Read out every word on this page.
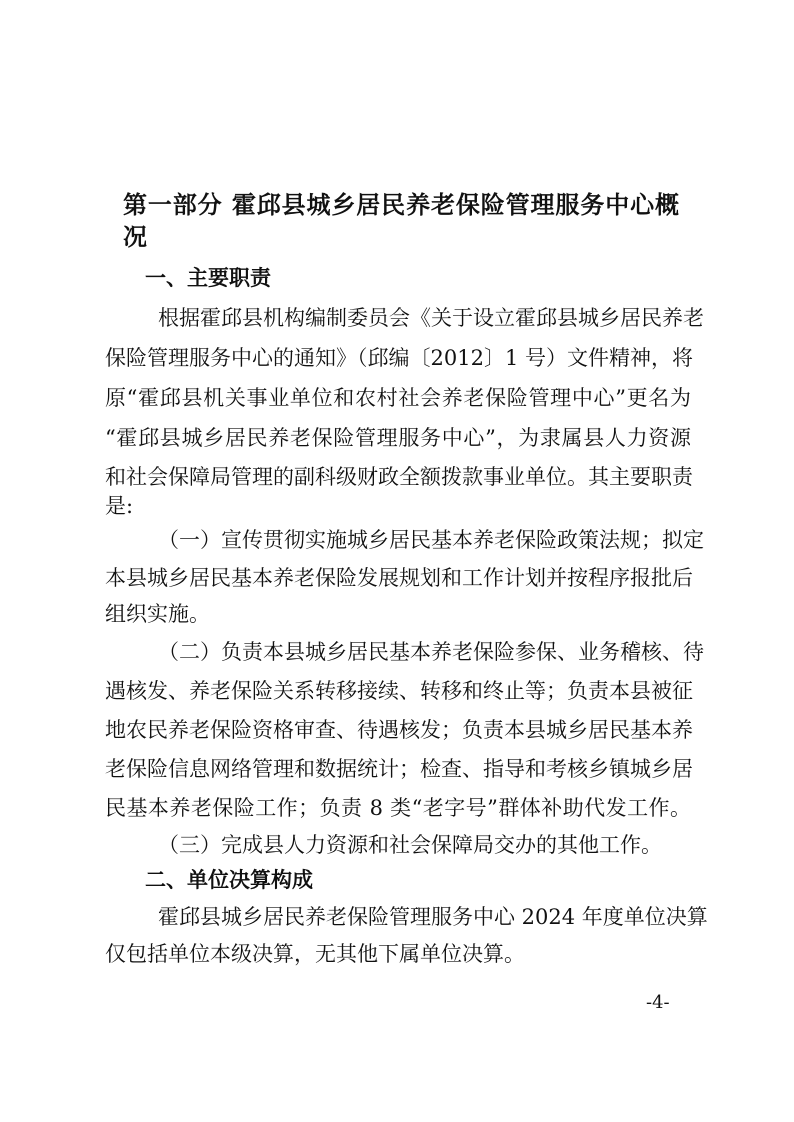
第一部分 霍邱县城乡居民养老保险管理服务中心概况
一、主要职责
根据霍邱县机构编制委员会《关于设立霍邱县城乡居民养老
保险管理服务中心的通知》（邱编〔2012〕1 号）文件精神，将
原“霍邱县机关事业单位和农村社会养老保险管理中心”更名为
“霍邱县城乡居民养老保险管理服务中心”，为隶属县人力资源
和社会保障局管理的副科级财政全额拨款事业单位。其主要职责
是:
（一）宣传贯彻实施城乡居民基本养老保险政策法规；拟定
本县城乡居民基本养老保险发展规划和工作计划并按程序报批后
组织实施。
（二）负责本县城乡居民基本养老保险参保、业务稽核、待
遇核发、养老保险关系转移接续、转移和终止等；负责本县被征
地农民养老保险资格审查、待遇核发；负责本县城乡居民基本养
老保险信息网络管理和数据统计；检查、指导和考核乡镇城乡居
民基本养老保险工作；负责 8 类“老字号”群体补助代发工作。
（三）完成县人力资源和社会保障局交办的其他工作。
二、单位决算构成
霍邱县城乡居民养老保险管理服务中心 2024 年度单位决算
仅包括单位本级决算，无其他下属单位决算。
-4-
